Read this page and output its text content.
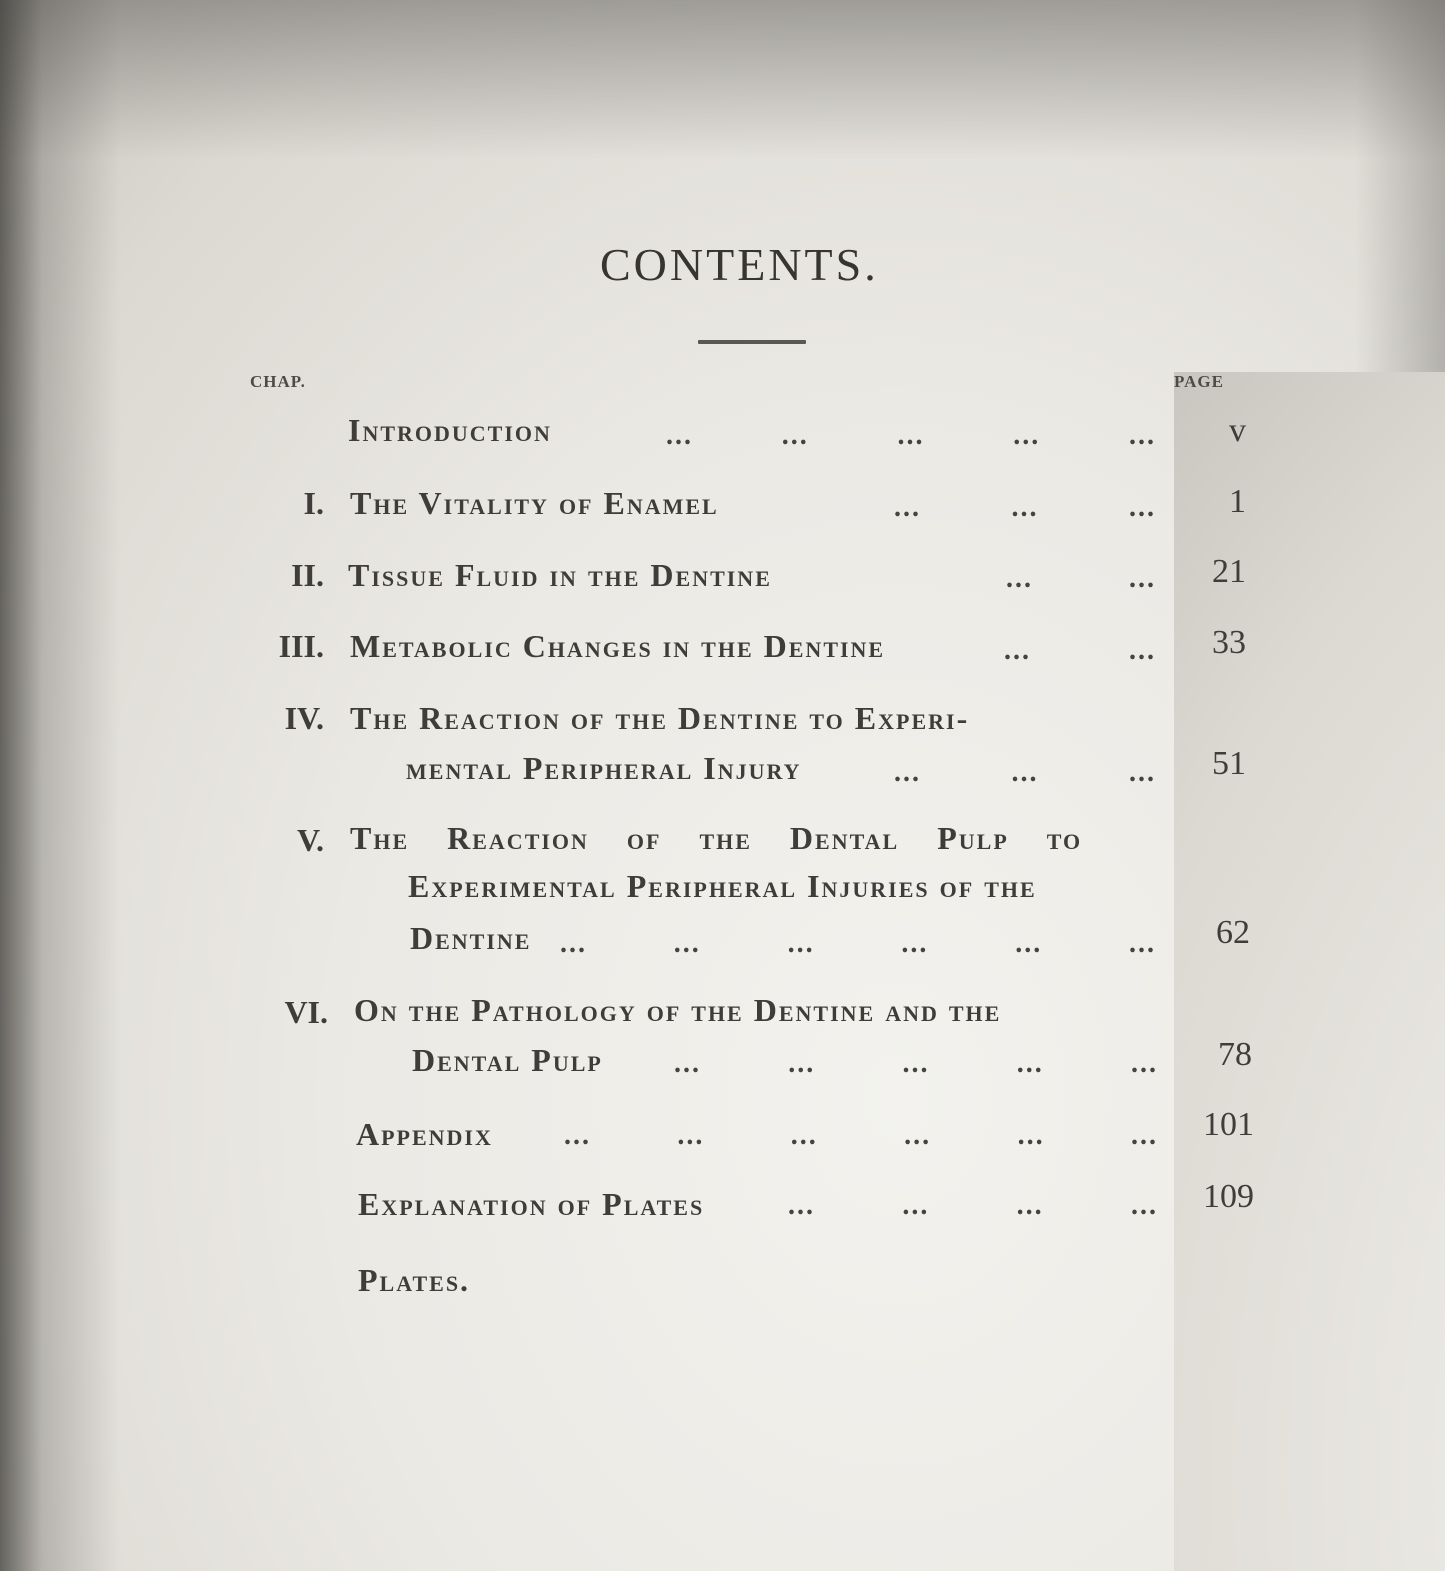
CONTENTS.
CHAP.	PAGE
Introduction	...	...	...	...	...	v
I. The Vitality of Enamel	...	...	...	1
II. Tissue Fluid in the Dentine	...	...	21
III. Metabolic Changes in the Dentine	...	...	33
IV. The Reaction of the Dentine to Experi-
mental Peripheral Injury	...	...	...	51
V. The Reaction of the Dental Pulp to
Experimental Peripheral Injuries of the
Dentine ...	...	...	...	...	...	62
VI. On the Pathology of the Dentine and the
Dental Pulp	...	...	...	...	...	78
Appendix	...	...	...	...	...	...	101
Explanation of Plates	...	...	...	...	109
Plates.
